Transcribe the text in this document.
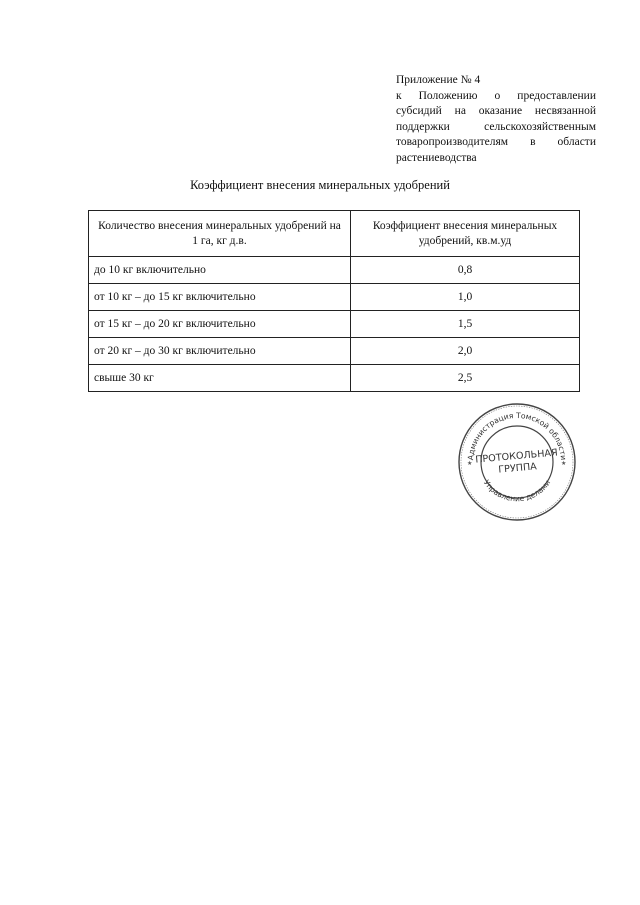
Приложение № 4
к Положению о предоставлении субсидий на оказание несвязанной поддержки сельскохозяйственным товаропроизводителям в области растениеводства
Коэффициент внесения минеральных удобрений
Количество внесения минеральных удобрений на 1 га, кг д.в.	Коэффициент внесения минеральных удобрений, кв.м.уд
до 10 кг включительно	0,8
от 10 кг – до 15 кг включительно	1,0
от 15 кг – до 20 кг включительно	1,5
от 20 кг – до 30 кг включительно	2,0
свыше 30 кг	2,5
Администрация Томской области
Управление делами
ПРОТОКОЛЬНАЯ
ГРУППА
★	★
